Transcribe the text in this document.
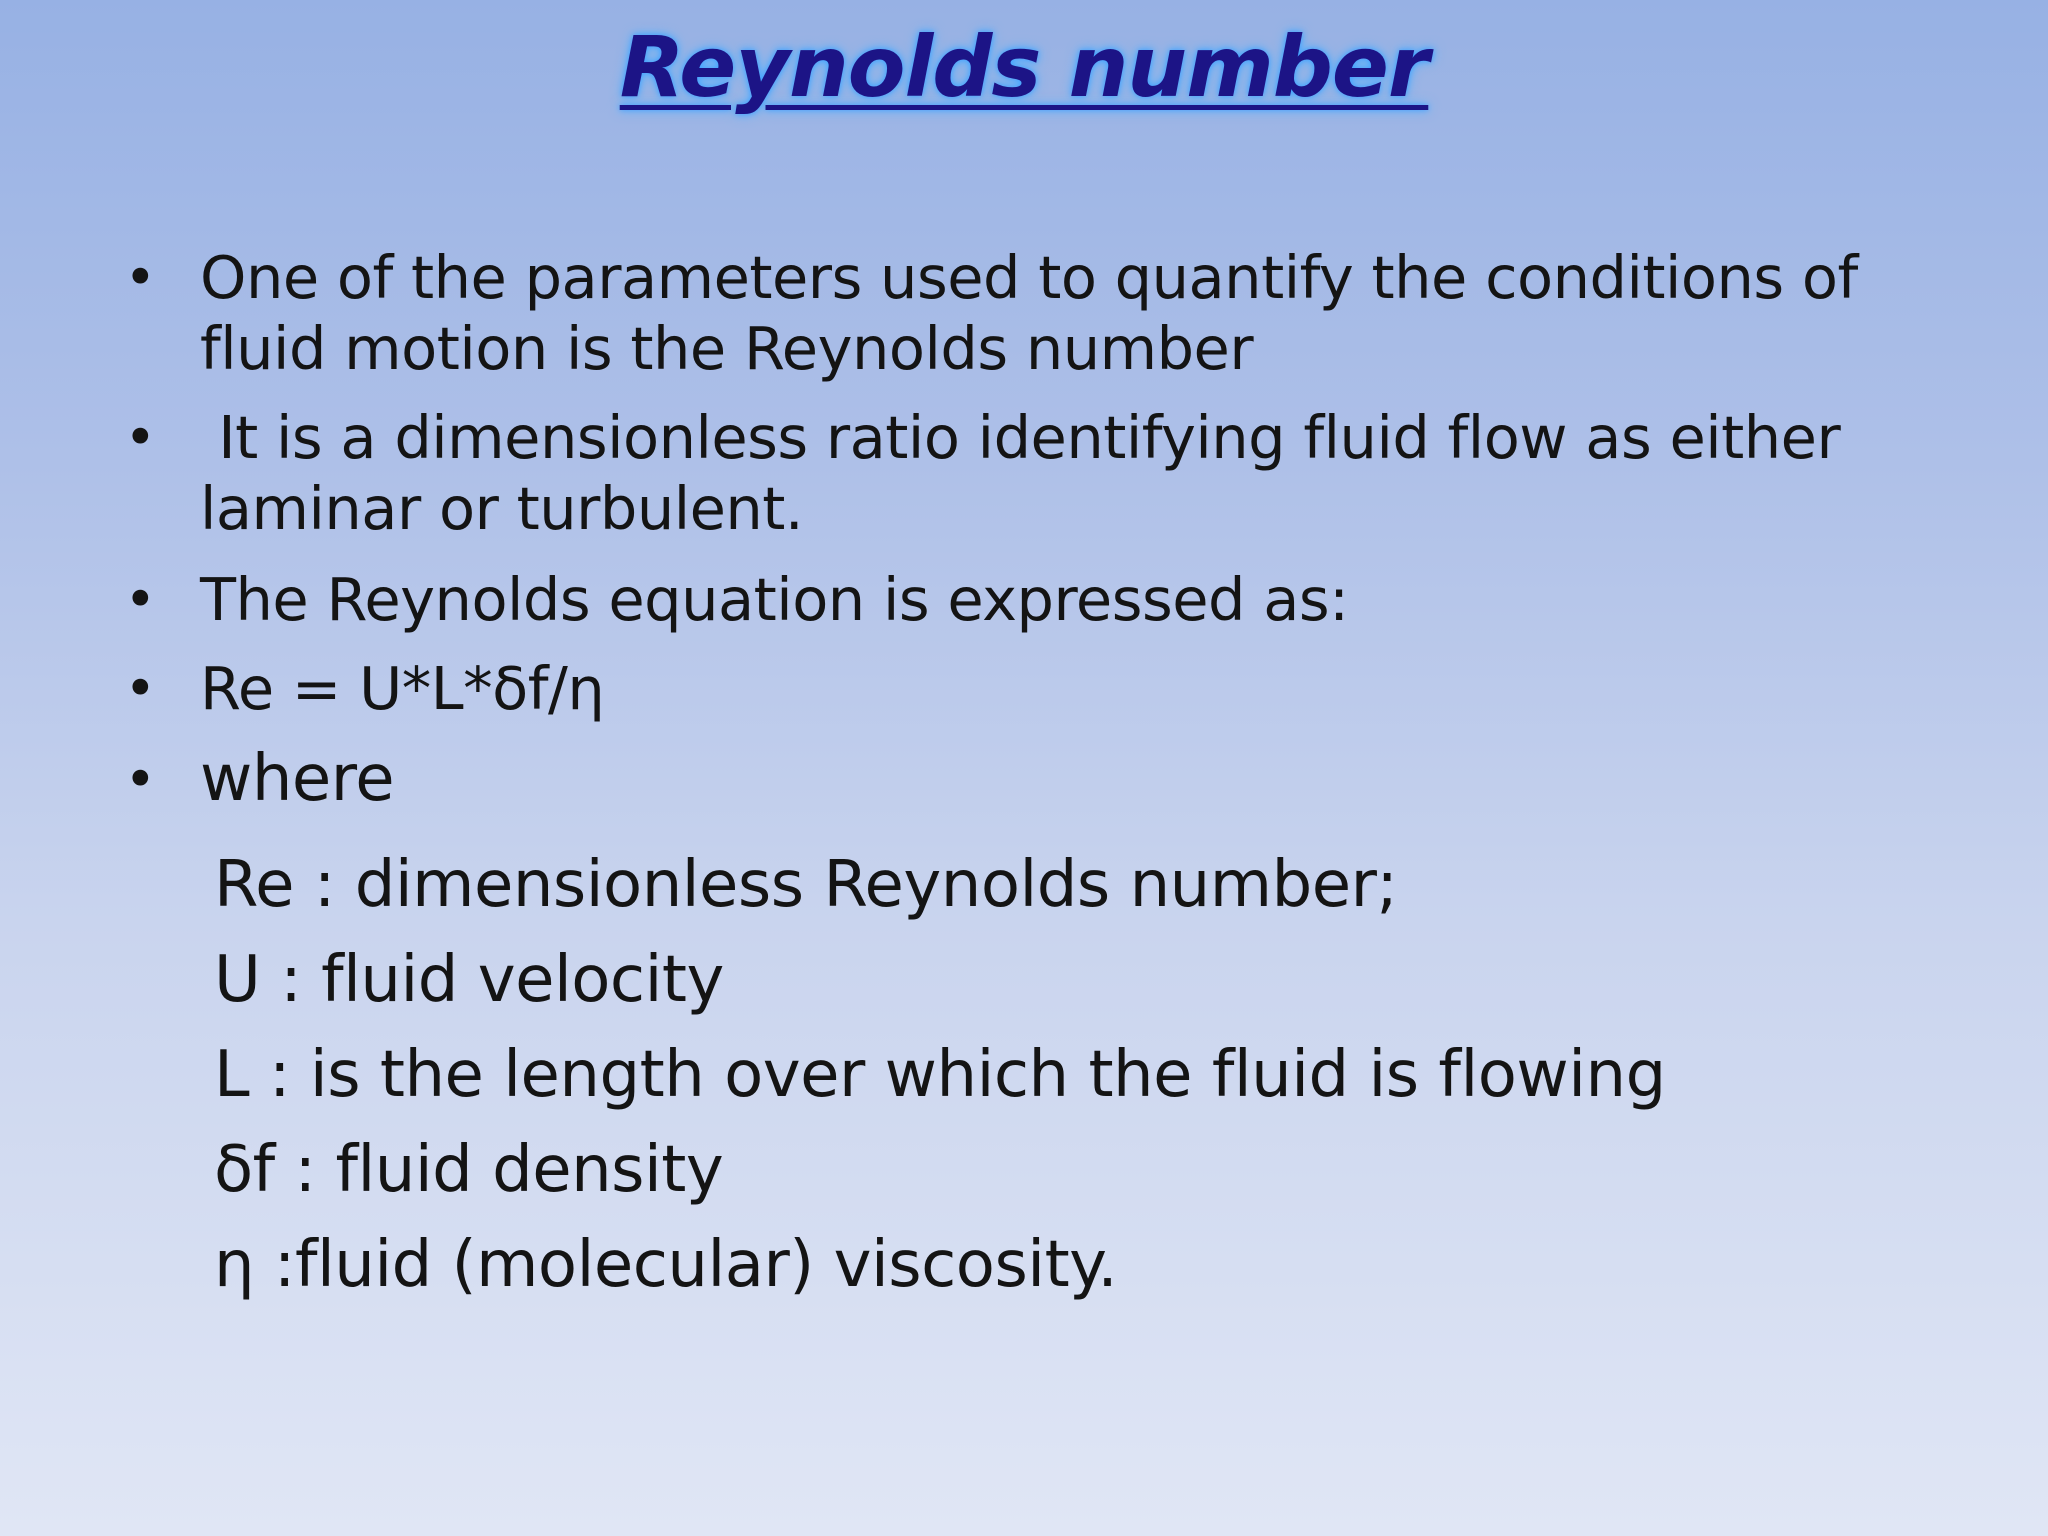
Reynolds number
• One of the parameters used to quantify the conditions of
fluid motion is the Reynolds number
• It is a dimensionless ratio identifying fluid flow as either
laminar or turbulent.
• The Reynolds equation is expressed as:
• Re = U*L*δf/η
• where
Re : dimensionless Reynolds number;
U : fluid velocity
L : is the length over which the fluid is flowing
δf : fluid density
η :fluid (molecular) viscosity.
